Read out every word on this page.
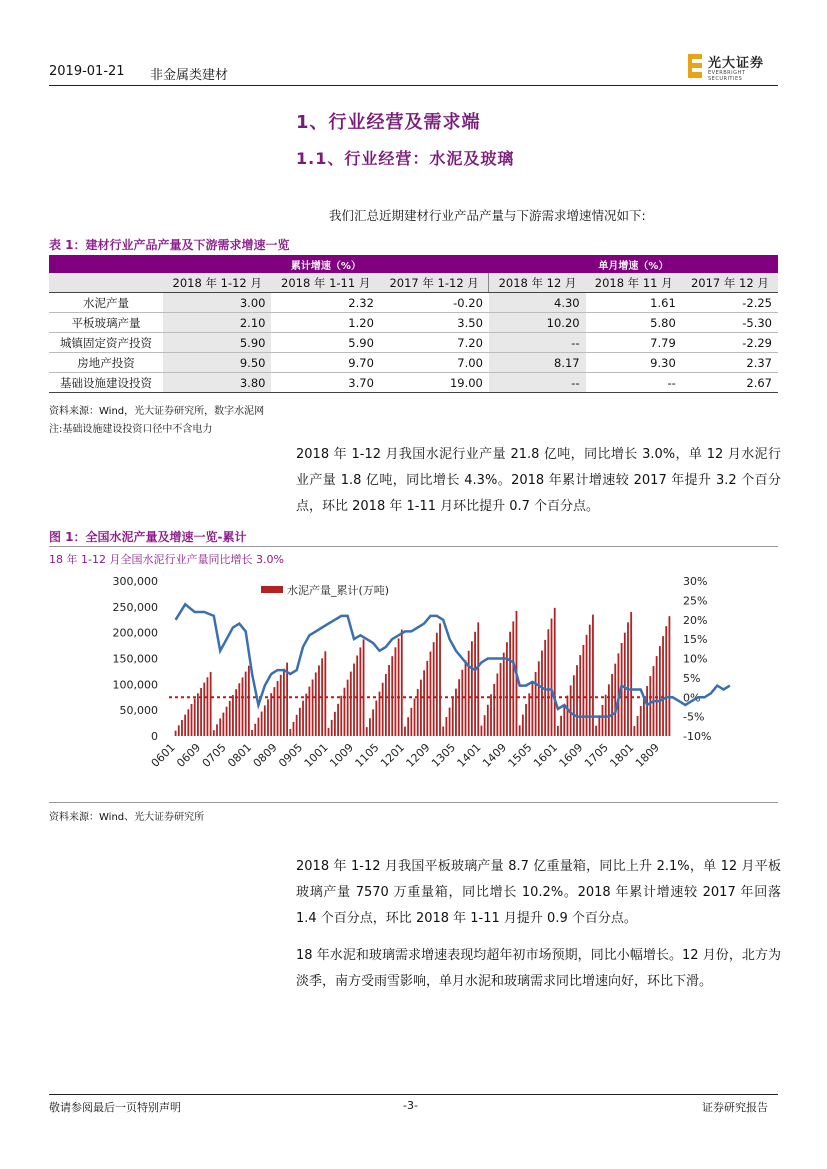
2019-01-21 非金属类建材
光大证券
EVERBRIGHT SECURITIES
1、行业经营及需求端
1.1、行业经营：水泥及玻璃
我们汇总近期建材行业产品产量与下游需求增速情况如下:
表 1：建材行业产品产量及下游需求增速一览
	累计增速（%）			单月增速（%）		
	2018 年 1-12 月	2018 年 1-11 月	2017 年 1-12 月	2018 年 12 月	2018 年 11 月	2017 年 12 月
水泥产量	3.00	2.32	-0.20	4.30	1.61	-2.25
平板玻璃产量	2.10	1.20	3.50	10.20	5.80	-5.30
城镇固定资产投资	5.90	5.90	7.20	--	7.79	-2.29
房地产投资	9.50	9.70	7.00	8.17	9.30	2.37
基础设施建设投资	3.80	3.70	19.00	--	--	2.67
资料来源：Wind，光大证券研究所，数字水泥网
注:基础设施建设投资口径中不含电力
2018 年 1-12 月我国水泥行业产量 21.8 亿吨，同比增长 3.0%，单 12 月水泥行业产量 1.8 亿吨，同比增长 4.3%。2018 年累计增速较 2017 年提升 3.2 个百分点，环比 2018 年 1-11 月环比提升 0.7 个百分点。
图 1：全国水泥产量及增速一览-累计
18 年 1-12 月全国水泥行业产量同比增长 3.0%
0
50,000
100,000
150,000
200,000
250,000
300,000
-10%
-5%
0%
5%
10%
15%
20%
25%
30%
0601
0609
0705
0801
0809
0905
1001
1009
1105
1201
1209
1305
1401
1409
1505
1601
1609
1705
1801
1809
水泥产量_累计(万吨)
资料来源：Wind、光大证券研究所
2018 年 1-12 月我国平板玻璃产量 8.7 亿重量箱，同比上升 2.1%，单 12 月平板玻璃产量 7570 万重量箱，同比增长 10.2%。2018 年累计增速较 2017 年回落 1.4 个百分点，环比 2018 年 1-11 月提升 0.9 个百分点。
18 年水泥和玻璃需求增速表现均超年初市场预期，同比小幅增长。12 月份，北方为淡季，南方受雨雪影响，单月水泥和玻璃需求同比增速向好，环比下滑。
敬请参阅最后一页特别声明	-3-	证券研究报告
